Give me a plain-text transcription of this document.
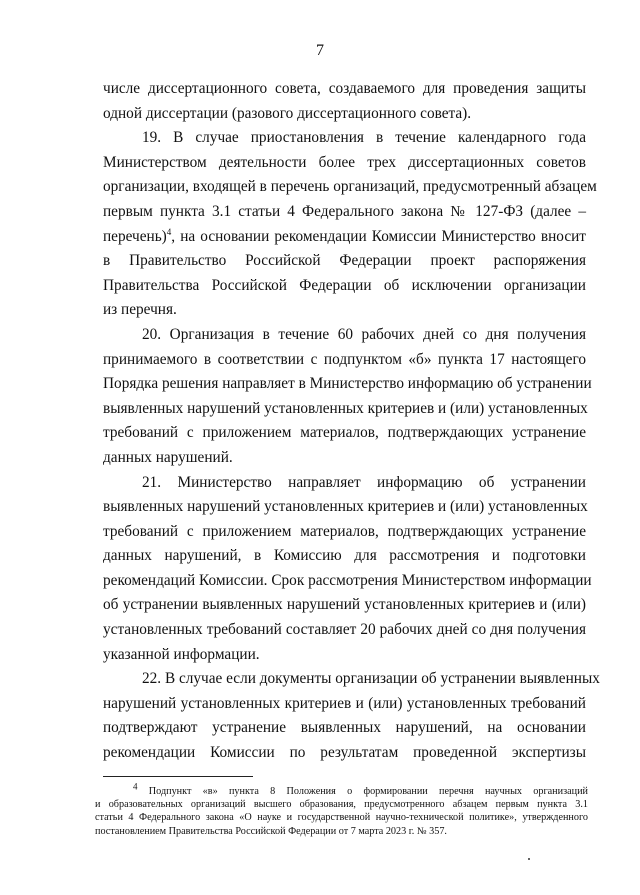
7

числе диссертационного совета, создаваемого для проведения защиты
одной диссертации (разового диссертационного совета).

19. В случае приостановления в течение календарного года
Министерством деятельности более трех диссертационных советов
организации, входящей в перечень организаций, предусмотренный абзацем
первым пункта 3.1 статьи 4 Федерального закона № 127-ФЗ (далее –
перечень)$^4$, на основании рекомендации Комиссии Министерство вносит
в Правительство Российской Федерации проект распоряжения
Правительства Российской Федерации об исключении организации
из перечня.

20. Организация в течение 60 рабочих дней со дня получения
принимаемого в соответствии с подпунктом «б» пункта 17 настоящего
Порядка решения направляет в Министерство информацию об устранении
выявленных нарушений установленных критериев и (или) установленных
требований с приложением материалов, подтверждающих устранение
данных нарушений.

21. Министерство направляет информацию об устранении
выявленных нарушений установленных критериев и (или) установленных
требований с приложением материалов, подтверждающих устранение
данных нарушений, в Комиссию для рассмотрения и подготовки
рекомендаций Комиссии. Срок рассмотрения Министерством информации
об устранении выявленных нарушений установленных критериев и (или)
установленных требований составляет 20 рабочих дней со дня получения
указанной информации.

22. В случае если документы организации об устранении выявленных
нарушений установленных критериев и (или) установленных требований
подтверждают устранение выявленных нарушений, на основании
рекомендации Комиссии по результатам проведенной экспертизы

$^4$ Подпункт «в» пункта 8 Положения о формировании перечня научных организаций
и образовательных организаций высшего образования, предусмотренного абзацем первым пункта 3.1
статьи 4 Федерального закона «О науке и государственной научно-технической политике», утвержденного
постановлением Правительства Российской Федерации от 7 марта 2023 г. № 357.
